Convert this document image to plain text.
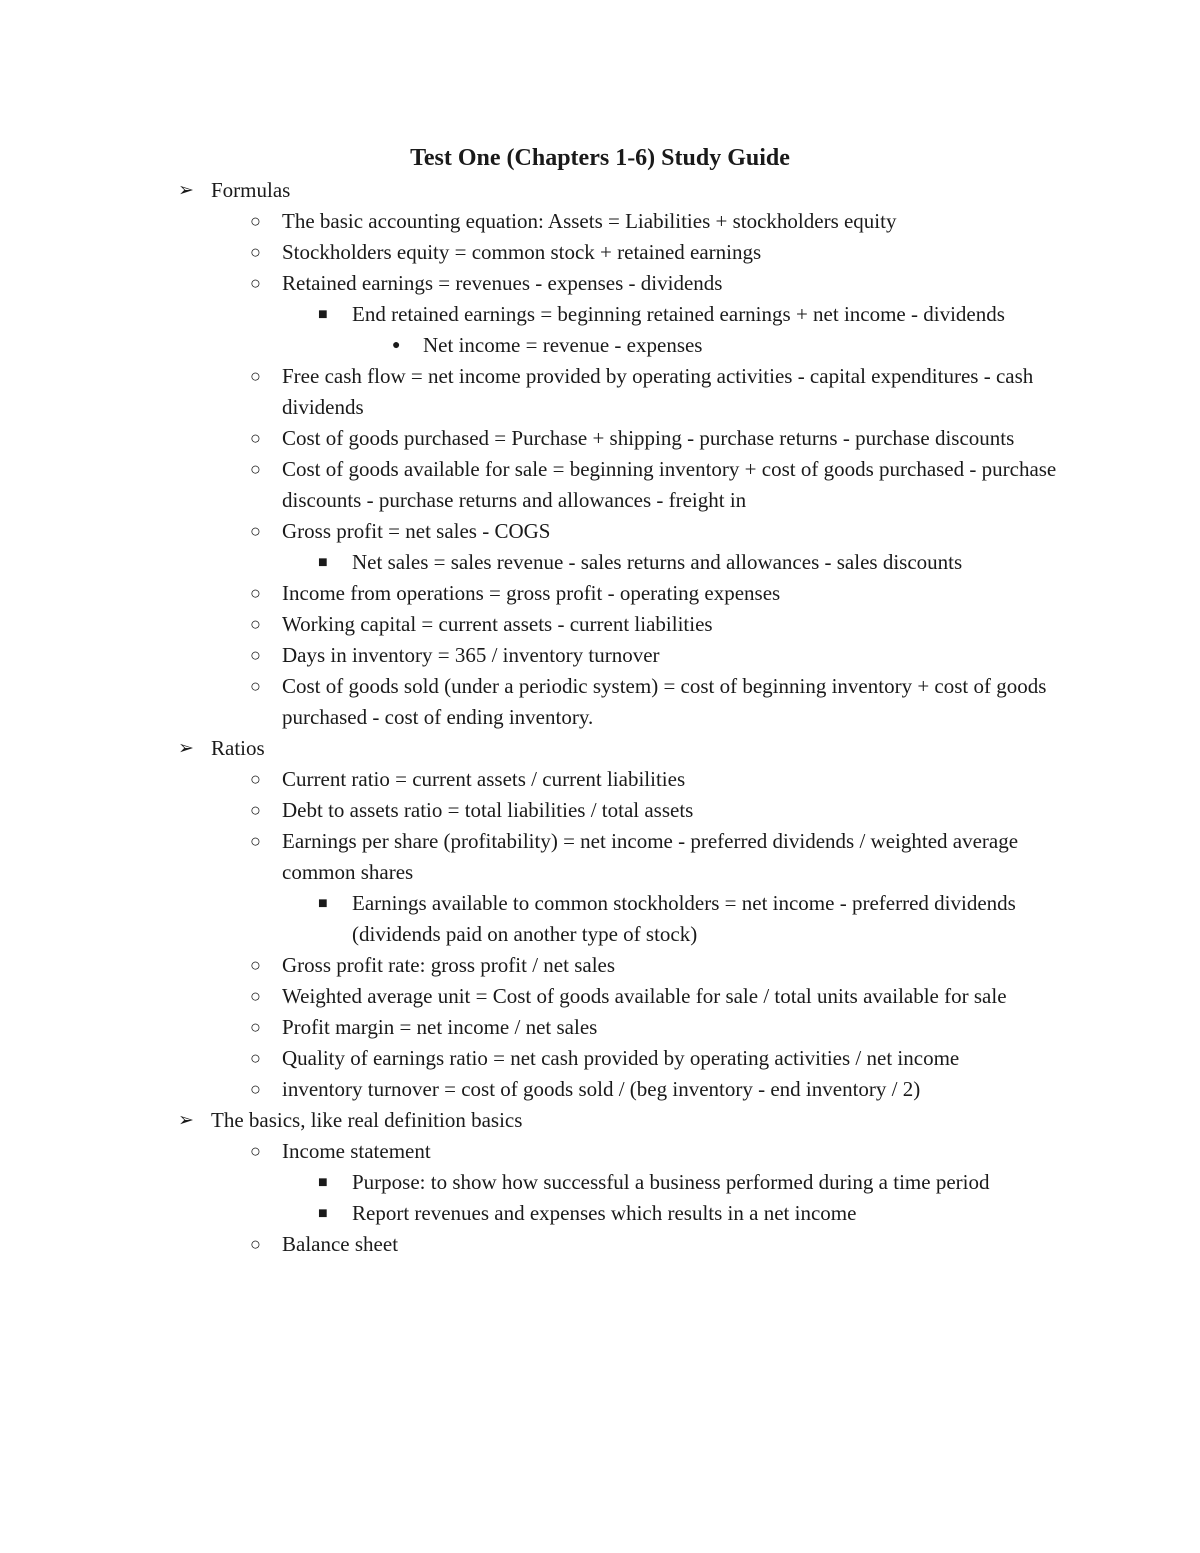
Test One (Chapters 1-6) Study Guide
➢ Formulas
○ The basic accounting equation: Assets = Liabilities + stockholders equity
○ Stockholders equity = common stock + retained earnings
○ Retained earnings = revenues - expenses - dividends
■ End retained earnings = beginning retained earnings + net income - dividends
● Net income = revenue - expenses
○ Free cash flow = net income provided by operating activities - capital expenditures - cash dividends
○ Cost of goods purchased = Purchase + shipping - purchase returns - purchase discounts
○ Cost of goods available for sale = beginning inventory + cost of goods purchased - purchase discounts - purchase returns and allowances - freight in
○ Gross profit = net sales - COGS
■ Net sales = sales revenue - sales returns and allowances - sales discounts
○ Income from operations = gross profit - operating expenses
○ Working capital = current assets - current liabilities
○ Days in inventory = 365 / inventory turnover
○ Cost of goods sold (under a periodic system) = cost of beginning inventory + cost of goods purchased - cost of ending inventory.
➢ Ratios
○ Current ratio = current assets / current liabilities
○ Debt to assets ratio = total liabilities / total assets
○ Earnings per share (profitability) = net income - preferred dividends / weighted average common shares
■ Earnings available to common stockholders = net income - preferred dividends (dividends paid on another type of stock)
○ Gross profit rate: gross profit / net sales
○ Weighted average unit = Cost of goods available for sale / total units available for sale
○ Profit margin = net income / net sales
○ Quality of earnings ratio = net cash provided by operating activities / net income
○ inventory turnover = cost of goods sold / (beg inventory - end inventory / 2)
➢ The basics, like real definition basics
○ Income statement
■ Purpose: to show how successful a business performed during a time period
■ Report revenues and expenses which results in a net income
○ Balance sheet
